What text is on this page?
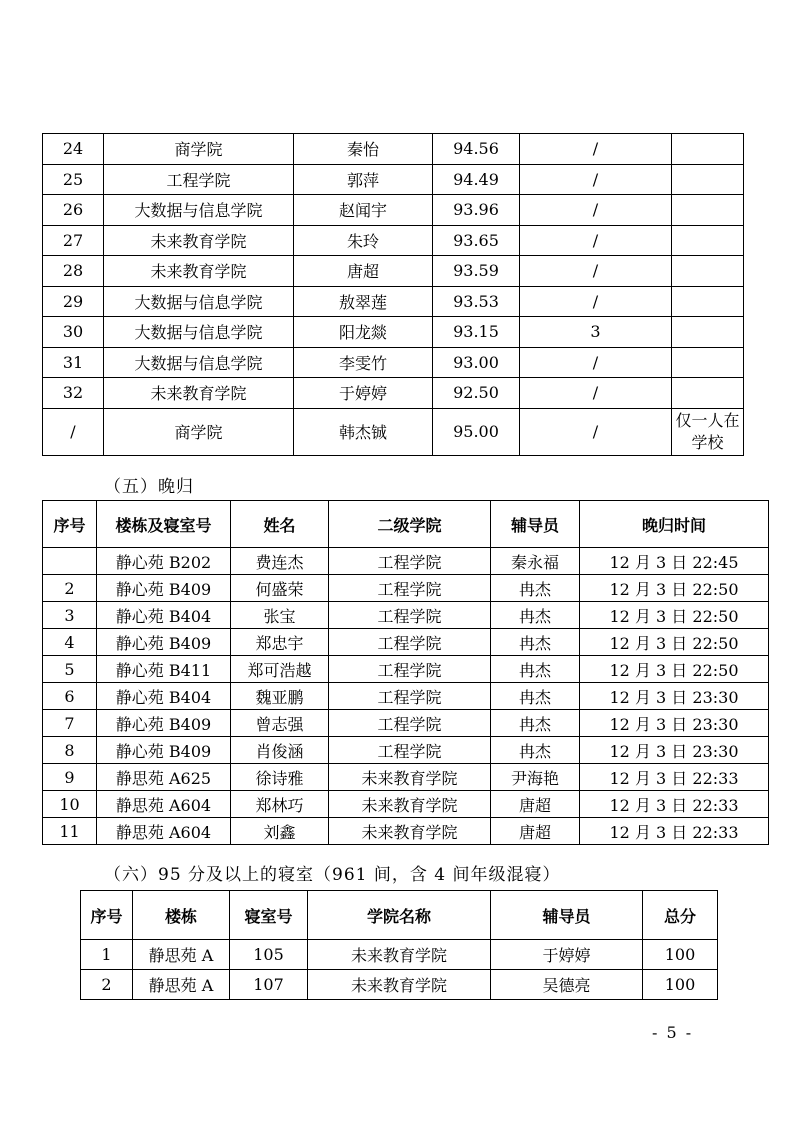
24	商学院	秦怡	94.56	/	
25	工程学院	郭萍	94.49	/	
26	大数据与信息学院	赵闻宇	93.96	/	
27	未来教育学院	朱玲	93.65	/	
28	未来教育学院	唐超	93.59	/	
29	大数据与信息学院	敖翠莲	93.53	/	
30	大数据与信息学院	阳龙燚	93.15	3	
31	大数据与信息学院	李雯竹	93.00	/	
32	未来教育学院	于婷婷	92.50	/	
/	商学院	韩杰铖	95.00	/	仅一人在学校
（五）晚归
序号	楼栋及寝室号	姓名	二级学院	辅导员	晚归时间
	静心苑 B202	费连杰	工程学院	秦永福	12 月 3 日 22:45
2	静心苑 B409	何盛荣	工程学院	冉杰	12 月 3 日 22:50
3	静心苑 B404	张宝	工程学院	冉杰	12 月 3 日 22:50
4	静心苑 B409	郑忠宇	工程学院	冉杰	12 月 3 日 22:50
5	静心苑 B411	郑可浩越	工程学院	冉杰	12 月 3 日 22:50
6	静心苑 B404	魏亚鹏	工程学院	冉杰	12 月 3 日 23:30
7	静心苑 B409	曾志强	工程学院	冉杰	12 月 3 日 23:30
8	静心苑 B409	肖俊涵	工程学院	冉杰	12 月 3 日 23:30
9	静思苑 A625	徐诗雅	未来教育学院	尹海艳	12 月 3 日 22:33
10	静思苑 A604	郑林巧	未来教育学院	唐超	12 月 3 日 22:33
11	静思苑 A604	刘鑫	未来教育学院	唐超	12 月 3 日 22:33
（六）95 分及以上的寝室（961 间，含 4 间年级混寝）
序号	楼栋	寝室号	学院名称	辅导员	总分
1	静思苑 A	105	未来教育学院	于婷婷	100
2	静思苑 A	107	未来教育学院	吴德亮	100
- 5 -
